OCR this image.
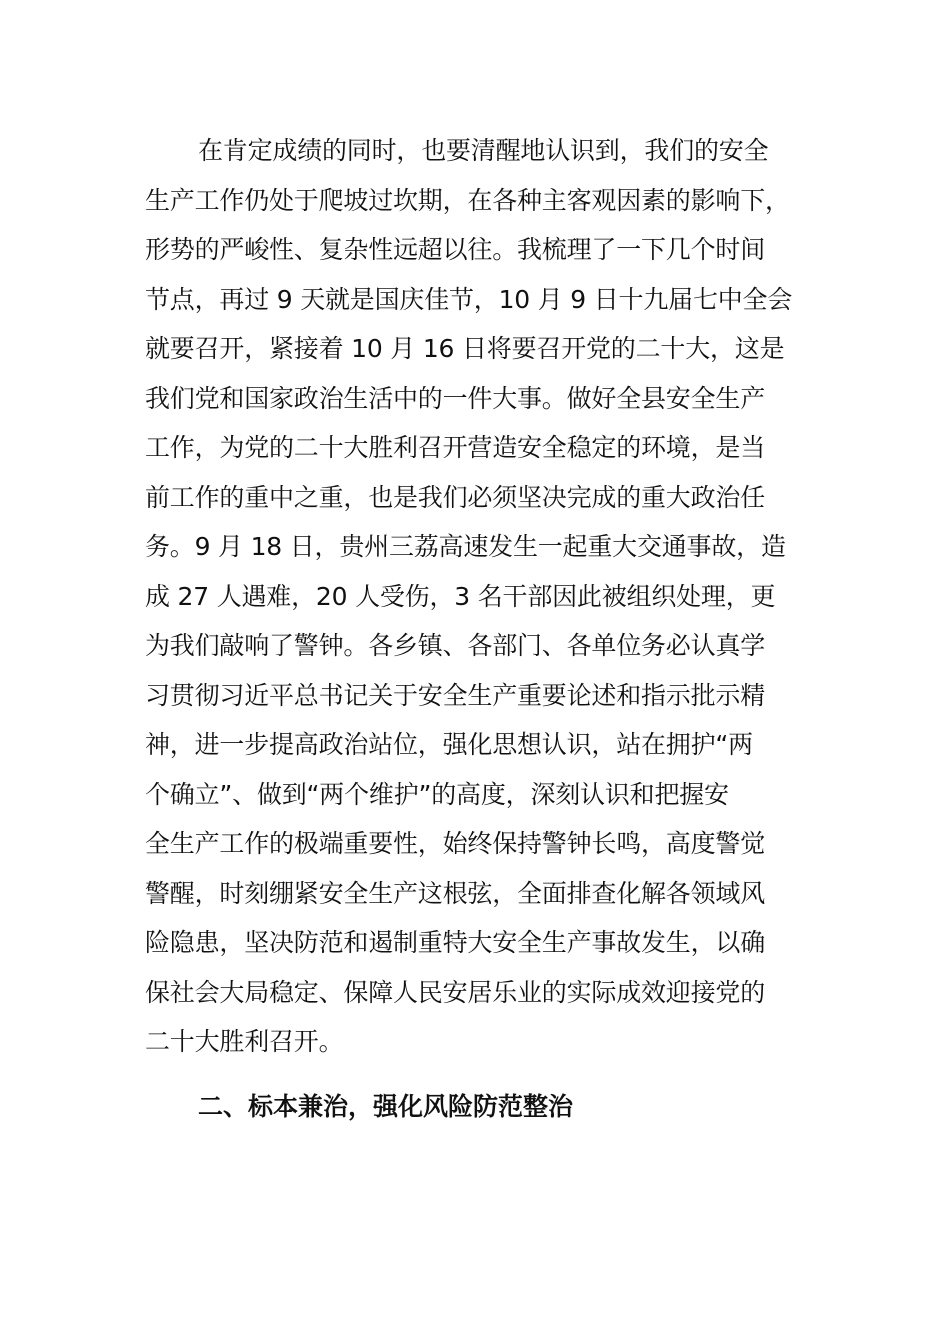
在肯定成绩的同时，也要清醒地认识到，我们的安全
生产工作仍处于爬坡过坎期，在各种主客观因素的影响下，
形势的严峻性、复杂性远超以往。我梳理了一下几个时间
节点，再过 9 天就是国庆佳节，10 月 9 日十九届七中全会
就要召开，紧接着 10 月 16 日将要召开党的二十大，这是
我们党和国家政治生活中的一件大事。做好全县安全生产
工作，为党的二十大胜利召开营造安全稳定的环境，是当
前工作的重中之重，也是我们必须坚决完成的重大政治任
务。9 月 18 日，贵州三荔高速发生一起重大交通事故，造
成 27 人遇难，20 人受伤，3 名干部因此被组织处理，更
为我们敲响了警钟。各乡镇、各部门、各单位务必认真学
习贯彻习近平总书记关于安全生产重要论述和指示批示精
神，进一步提高政治站位，强化思想认识，站在拥护“两
个确立”、做到“两个维护”的高度，深刻认识和把握安
全生产工作的极端重要性，始终保持警钟长鸣，高度警觉
警醒，时刻绷紧安全生产这根弦，全面排查化解各领域风
险隐患，坚决防范和遏制重特大安全生产事故发生，以确
保社会大局稳定、保障人民安居乐业的实际成效迎接党的
二十大胜利召开。
二、标本兼治，强化风险防范整治
